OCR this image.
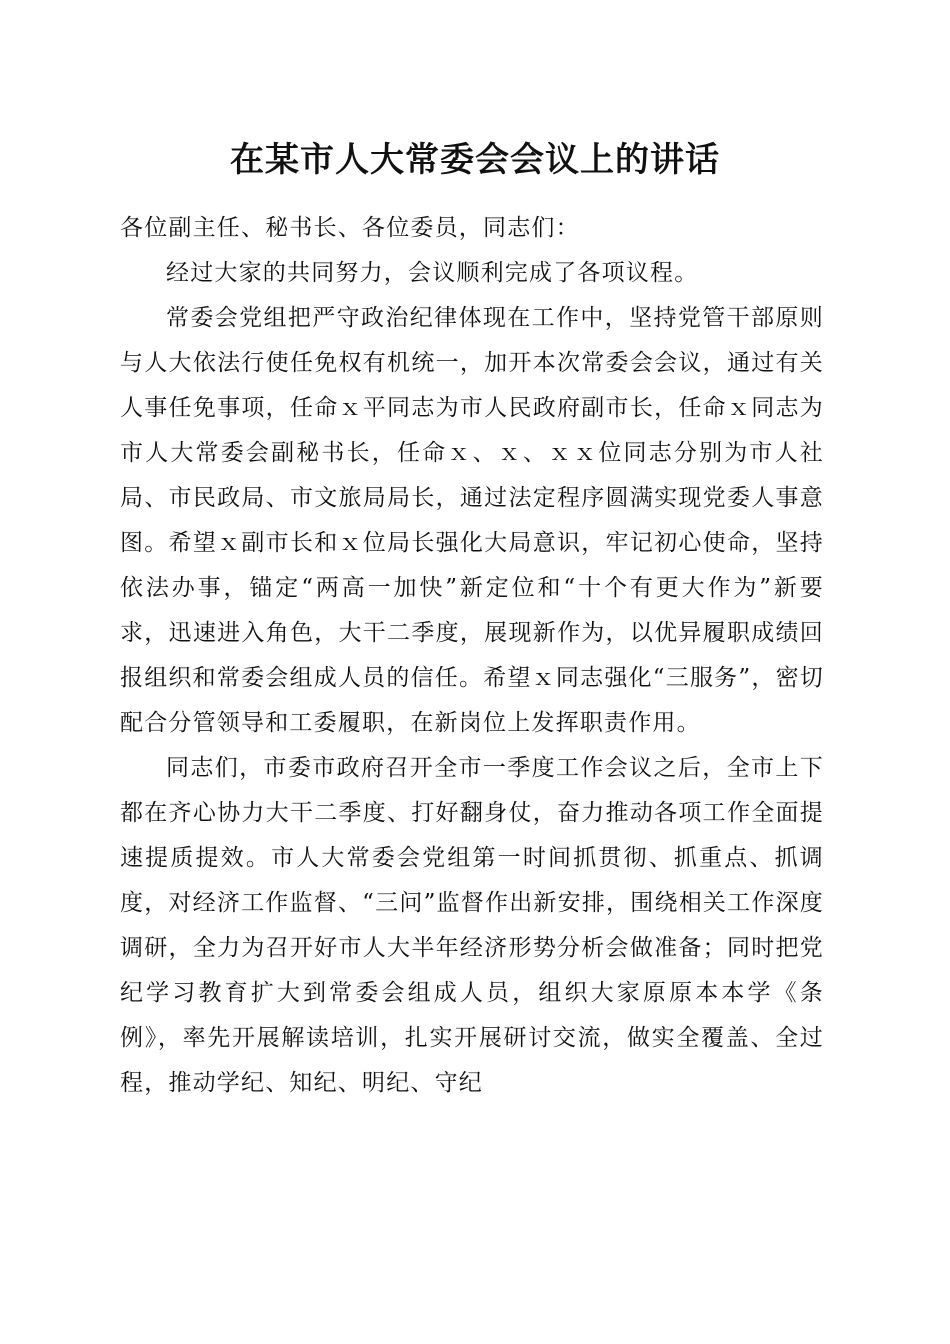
在某市人大常委会会议上的讲话

各位副主任、秘书长、各位委员，同志们：

经过大家的共同努力，会议顺利完成了各项议程。

常委会党组把严守政治纪律体现在工作中，坚持党管干部原则与人大依法行使任免权有机统一，加开本次常委会会议，通过有关人事任免事项，任命ｘ平同志为市人民政府副市长，任命ｘ同志为市人大常委会副秘书长，任命ｘ、ｘ、ｘｘ位同志分别为市人社局、市民政局、市文旅局局长，通过法定程序圆满实现党委人事意图。希望ｘ副市长和ｘ位局长强化大局意识，牢记初心使命，坚持依法办事，锚定“两高一加快”新定位和“十个有更大作为”新要求，迅速进入角色，大干二季度，展现新作为，以优异履职成绩回报组织和常委会组成人员的信任。希望ｘ同志强化“三服务”，密切配合分管领导和工委履职，在新岗位上发挥职责作用。

同志们，市委市政府召开全市一季度工作会议之后，全市上下都在齐心协力大干二季度、打好翻身仗，奋力推动各项工作全面提速提质提效。市人大常委会党组第一时间抓贯彻、抓重点、抓调度，对经济工作监督、“三问”监督作出新安排，围绕相关工作深度调研，全力为召开好市人大半年经济形势分析会做准备；同时把党纪学习教育扩大到常委会组成人员，组织大家原原本本学《条例》，率先开展解读培训，扎实开展研讨交流，做实全覆盖、全过程，推动学纪、知纪、明纪、守纪
